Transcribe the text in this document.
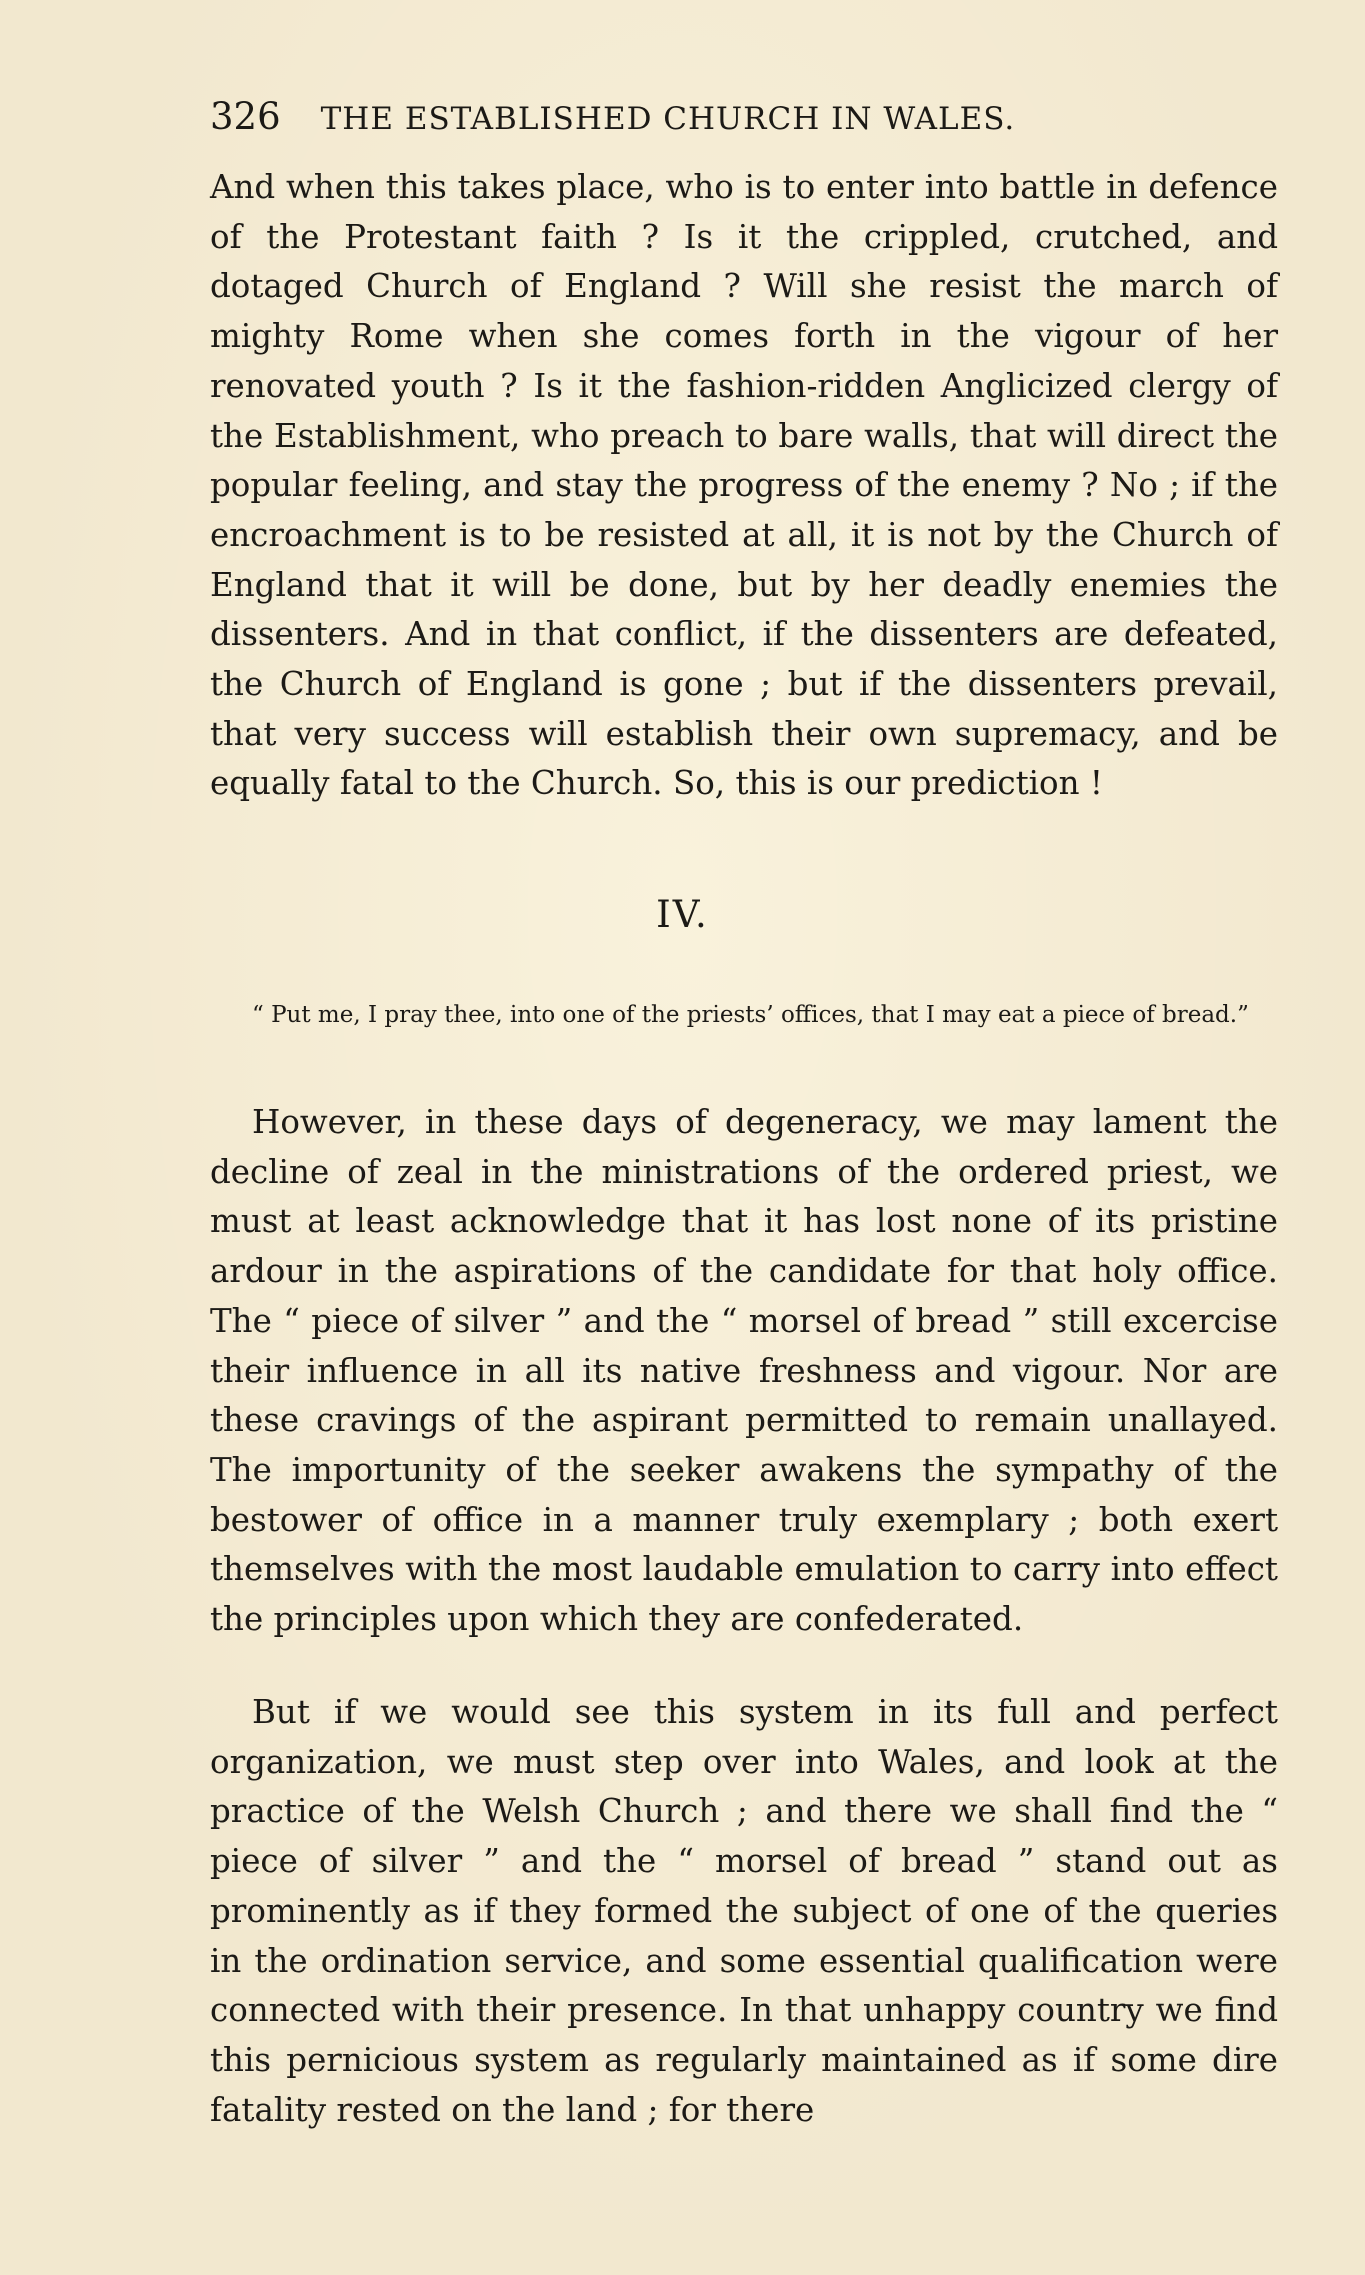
326 THE ESTABLISHED CHURCH IN WALES.

And when this takes place, who is to enter into battle in defence of the Protestant faith ? Is it the crippled, crutched, and dotaged Church of England ? Will she resist the march of mighty Rome when she comes forth in the vigour of her renovated youth ? Is it the fashion-ridden Anglicized clergy of the Establishment, who preach to bare walls, that will direct the popular feeling, and stay the progress of the enemy ? No ; if the encroachment is to be resisted at all, it is not by the Church of England that it will be done, but by her deadly enemies the dissenters. And in that conflict, if the dissenters are defeated, the Church of England is gone ; but if the dissenters prevail, that very success will establish their own supremacy, and be equally fatal to the Church. So, this is our prediction !

IV.
“ Put me, I pray thee, into one of the priests’ offices, that I may eat a piece of bread.”

However, in these days of degeneracy, we may lament the decline of zeal in the ministrations of the ordered priest, we must at least acknowledge that it has lost none of its pristine ardour in the aspirations of the candidate for that holy office. The “ piece of silver ” and the “ morsel of bread ” still excercise their influence in all its native freshness and vigour. Nor are these cravings of the aspirant permitted to remain unallayed. The importunity of the seeker awakens the sympathy of the bestower of office in a manner truly exemplary ; both exert themselves with the most laudable emulation to carry into effect the principles upon which they are confederated.

But if we would see this system in its full and perfect organization, we must step over into Wales, and look at the practice of the Welsh Church ; and there we shall find the “ piece of silver ” and the “ morsel of bread ” stand out as prominently as if they formed the subject of one of the queries in the ordination service, and some essential qualification were connected with their presence. In that unhappy country we find this pernicious system as regularly maintained as if some dire fatality rested on the land ; for there
